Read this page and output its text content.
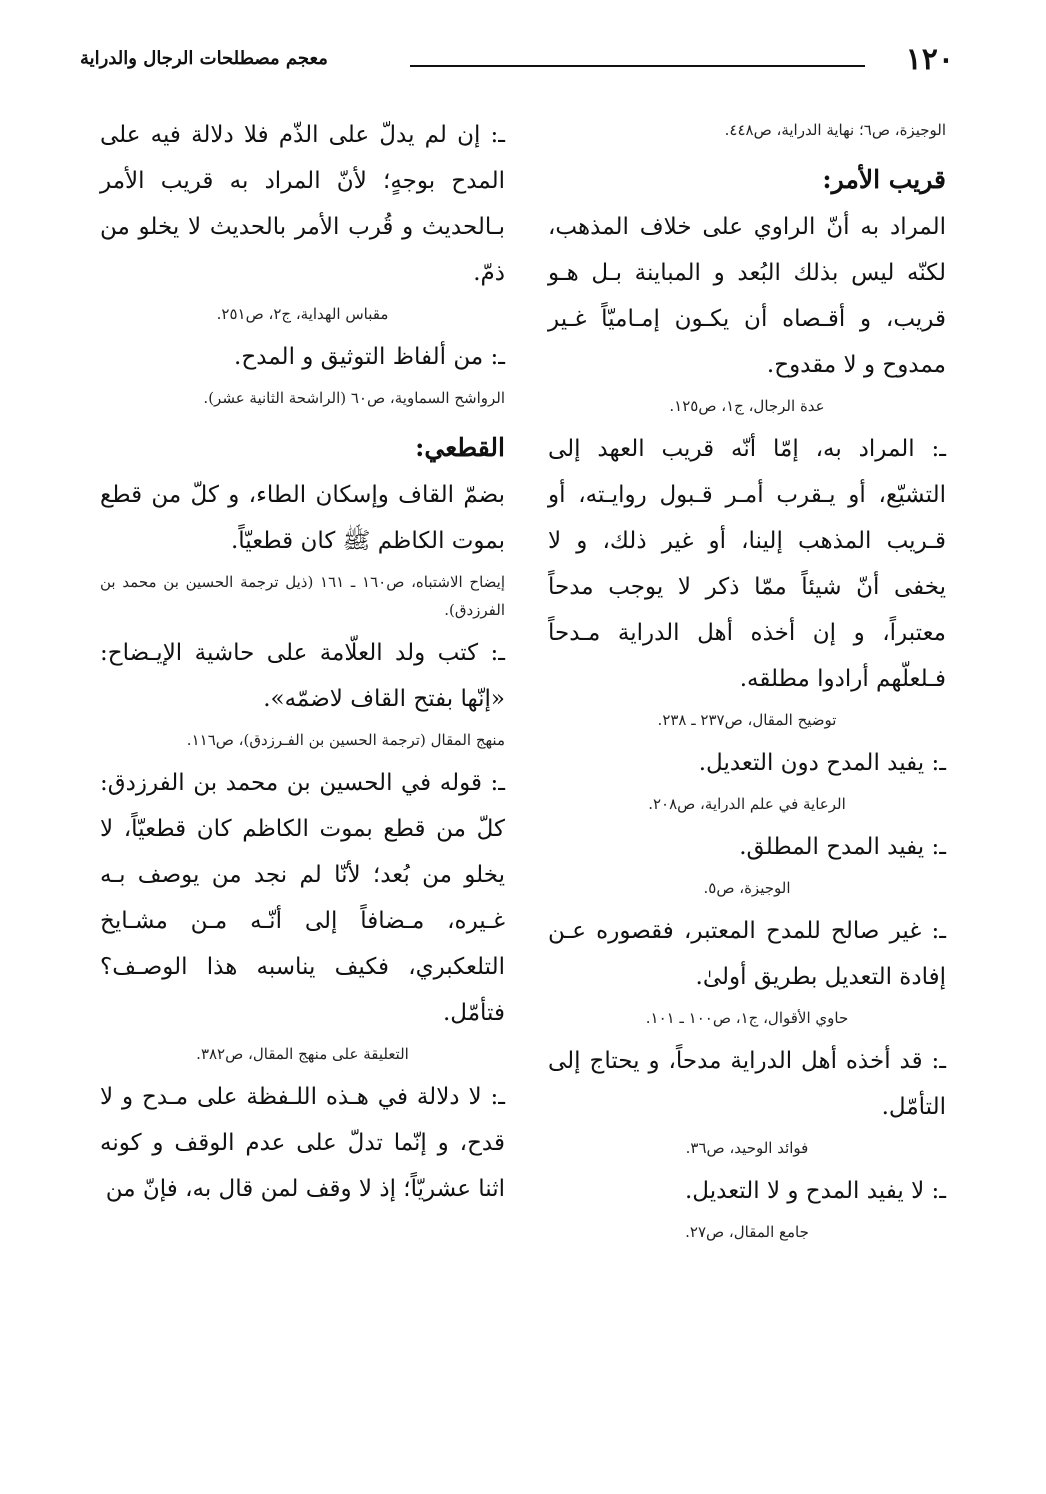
١٢٠
معجم مصطلحات الرجال والدراية
الوجيزة، ص٦؛ نهاية الدراية، ص٤٤٨.
قريب الأمر:
المراد به أنّ الراوي على خلاف المذهب، لكنّه ليس بذلك البُعد و المباينة بـل هـو قريب، و أقـصاه أن يكـون إمـاميّاً غـير ممدوح و لا مقدوح.
عدة الرجال، ج١، ص١٢٥.
ـ: المراد به، إمّا أنّه قريب العهد إلى التشيّع، أو يـقرب أمـر قـبول روايـته، أو قـريب المذهب إلينا، أو غير ذلك، و لا يخفى أنّ شيئاً ممّا ذكر لا يوجب مدحاً معتبراً، و إن أخذه أهل الدراية مـدحاً فـلعلّهم أرادوا مطلقه.
توضيح المقال، ص٢٣٧ ـ ٢٣٨.
ـ: يفيد المدح دون التعديل.
الرعاية في علم الدراية، ص٢٠٨.
ـ: يفيد المدح المطلق.
الوجيزة، ص٥.
ـ: غير صالح للمدح المعتبر، فقصوره عـن إفادة التعديل بطريق أولىٰ.
حاوي الأقوال، ج١، ص١٠٠ ـ ١٠١.
ـ: قد أخذه أهل الدراية مدحاً، و يحتاج إلى التأمّل.
فوائد الوحيد، ص٣٦.
ـ: لا يفيد المدح و لا التعديل.
جامع المقال، ص٢٧.
ـ: إن لم يدلّ على الذّم فلا دلالة فيه على المدح بوجهٍ؛ لأنّ المراد به قريب الأمر بـالحديث و قُرب الأمر بالحديث لا يخلو من ذمّ.
مقباس الهداية، ج٢، ص٢٥١.
ـ: من ألفاظ التوثيق و المدح.
الرواشح السماوية، ص٦٠ (الراشحة الثانية عشر).
القطعي:
بضمّ القاف وإسكان الطاء، و كلّ من قطع بموت الكاظم ﷺ كان قطعيّاً.
إيضاح الاشتباه، ص١٦٠ ـ ١٦١ (ذيل ترجمة الحسين بن محمد بن الفرزدق).
ـ: كتب ولد العلّامة على حاشية الإيـضاح: «إنّها بفتح القاف لاضمّه».
منهج المقال (ترجمة الحسين بن الفـرزدق)، ص١١٦.
ـ: قوله في الحسين بن محمد بن الفرزدق: كلّ من قطع بموت الكاظم كان قطعيّاً، لا يخلو من بُعد؛ لأنّا لم نجد من يوصف بـه غـيره، مـضافاً إلى أنّـه مـن مشـايخ التلعكبري، فكيف يناسبه هذا الوصـف؟ فتأمّل.
التعليقة على منهج المقال، ص٣٨٢.
ـ: لا دلالة في هـذه اللـفظة على مـدح و لا قدح، و إنّما تدلّ على عدم الوقف و كونه اثنا عشريّاً؛ إذ لا وقف لمن قال به، فإنّ من
